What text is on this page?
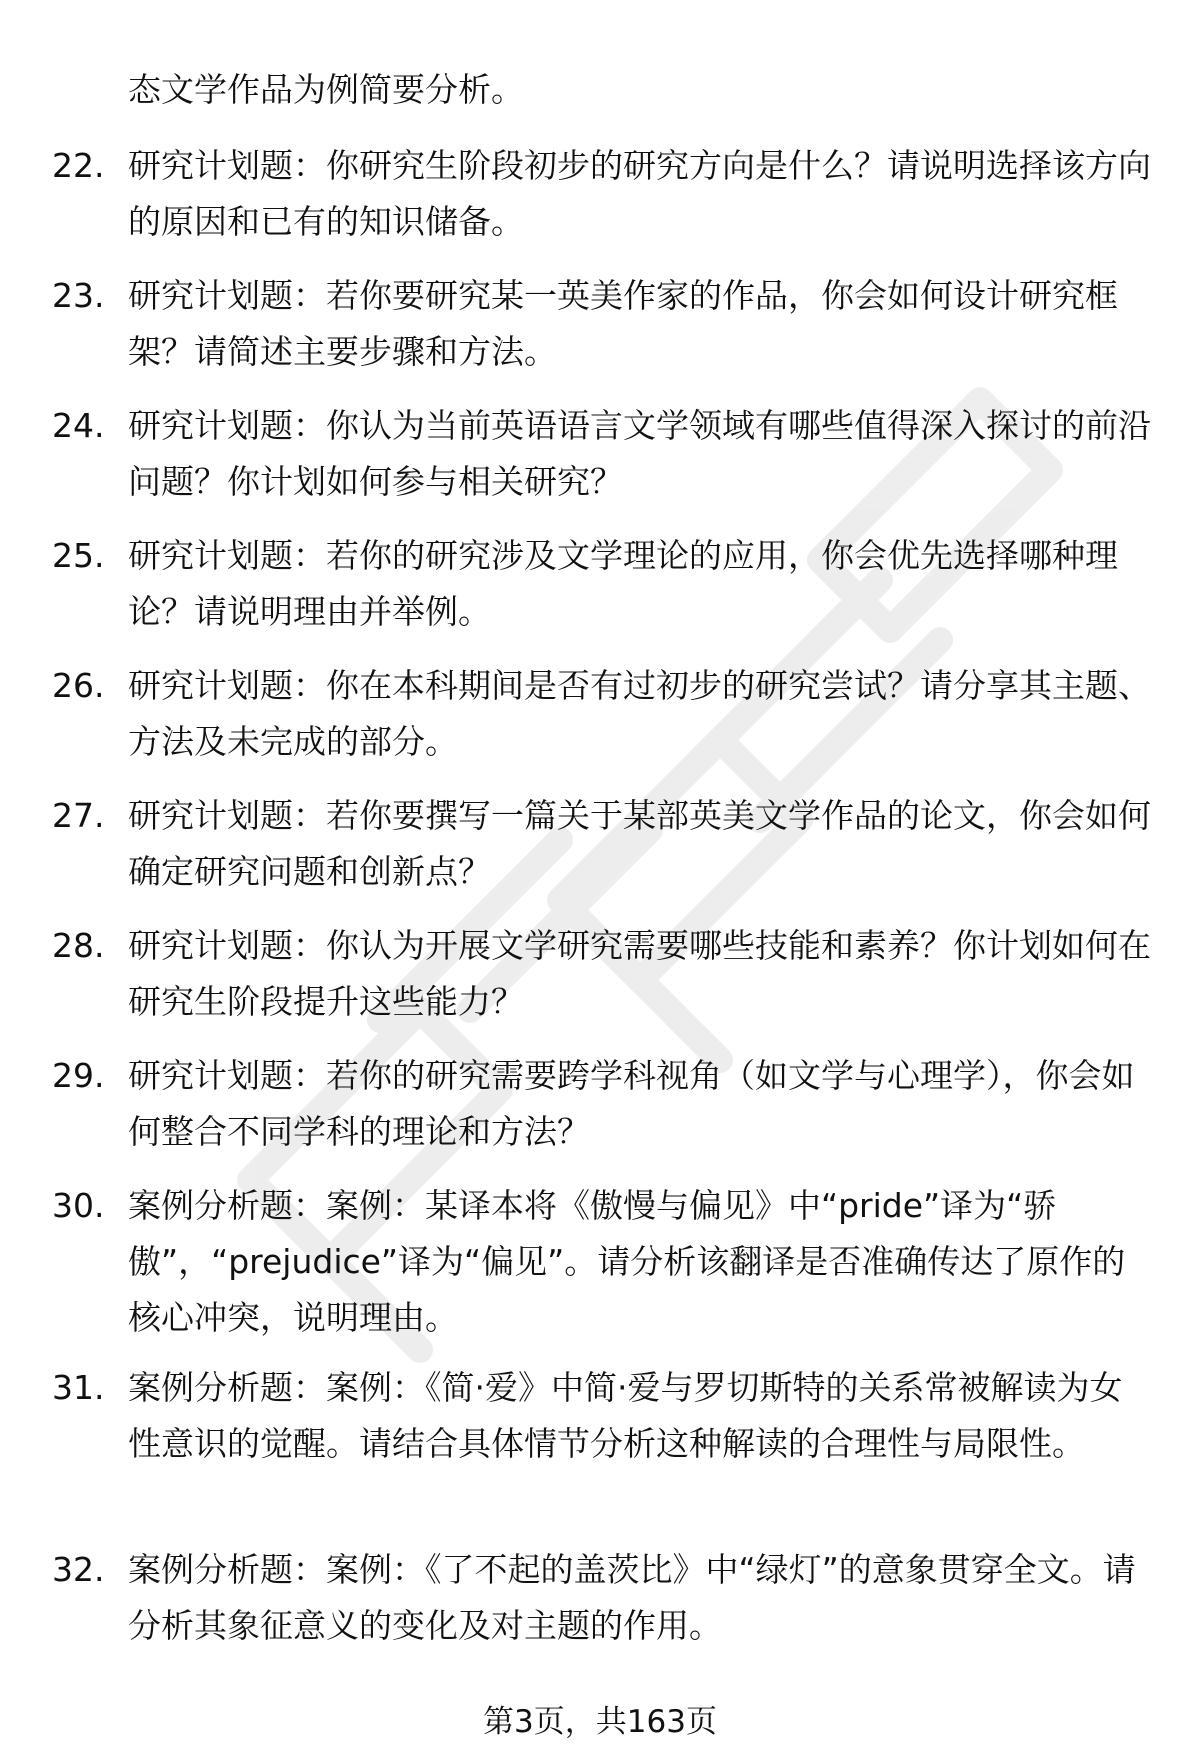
态文学作品为例简要分析。
22. 研究计划题：你研究生阶段初步的研究方向是什么？请说明选择该方向的原因和已有的知识储备。
23. 研究计划题：若你要研究某一英美作家的作品，你会如何设计研究框架？请简述主要步骤和方法。
24. 研究计划题：你认为当前英语语言文学领域有哪些值得深入探讨的前沿问题？你计划如何参与相关研究？
25. 研究计划题：若你的研究涉及文学理论的应用，你会优先选择哪种理论？请说明理由并举例。
26. 研究计划题：你在本科期间是否有过初步的研究尝试？请分享其主题、方法及未完成的部分。
27. 研究计划题：若你要撰写一篇关于某部英美文学作品的论文，你会如何确定研究问题和创新点？
28. 研究计划题：你认为开展文学研究需要哪些技能和素养？你计划如何在研究生阶段提升这些能力？
29. 研究计划题：若你的研究需要跨学科视角（如文学与心理学），你会如何整合不同学科的理论和方法？
30. 案例分析题：案例：某译本将《傲慢与偏见》中“pride”译为“骄傲”，“prejudice”译为“偏见”。请分析该翻译是否准确传达了原作的核心冲突，说明理由。
31. 案例分析题：案例：《简·爱》中简·爱与罗切斯特的关系常被解读为女性意识的觉醒。请结合具体情节分析这种解读的合理性与局限性。
32. 案例分析题：案例：《了不起的盖茨比》中“绿灯”的意象贯穿全文。请分析其象征意义的变化及对主题的作用。
第3页，共163页
